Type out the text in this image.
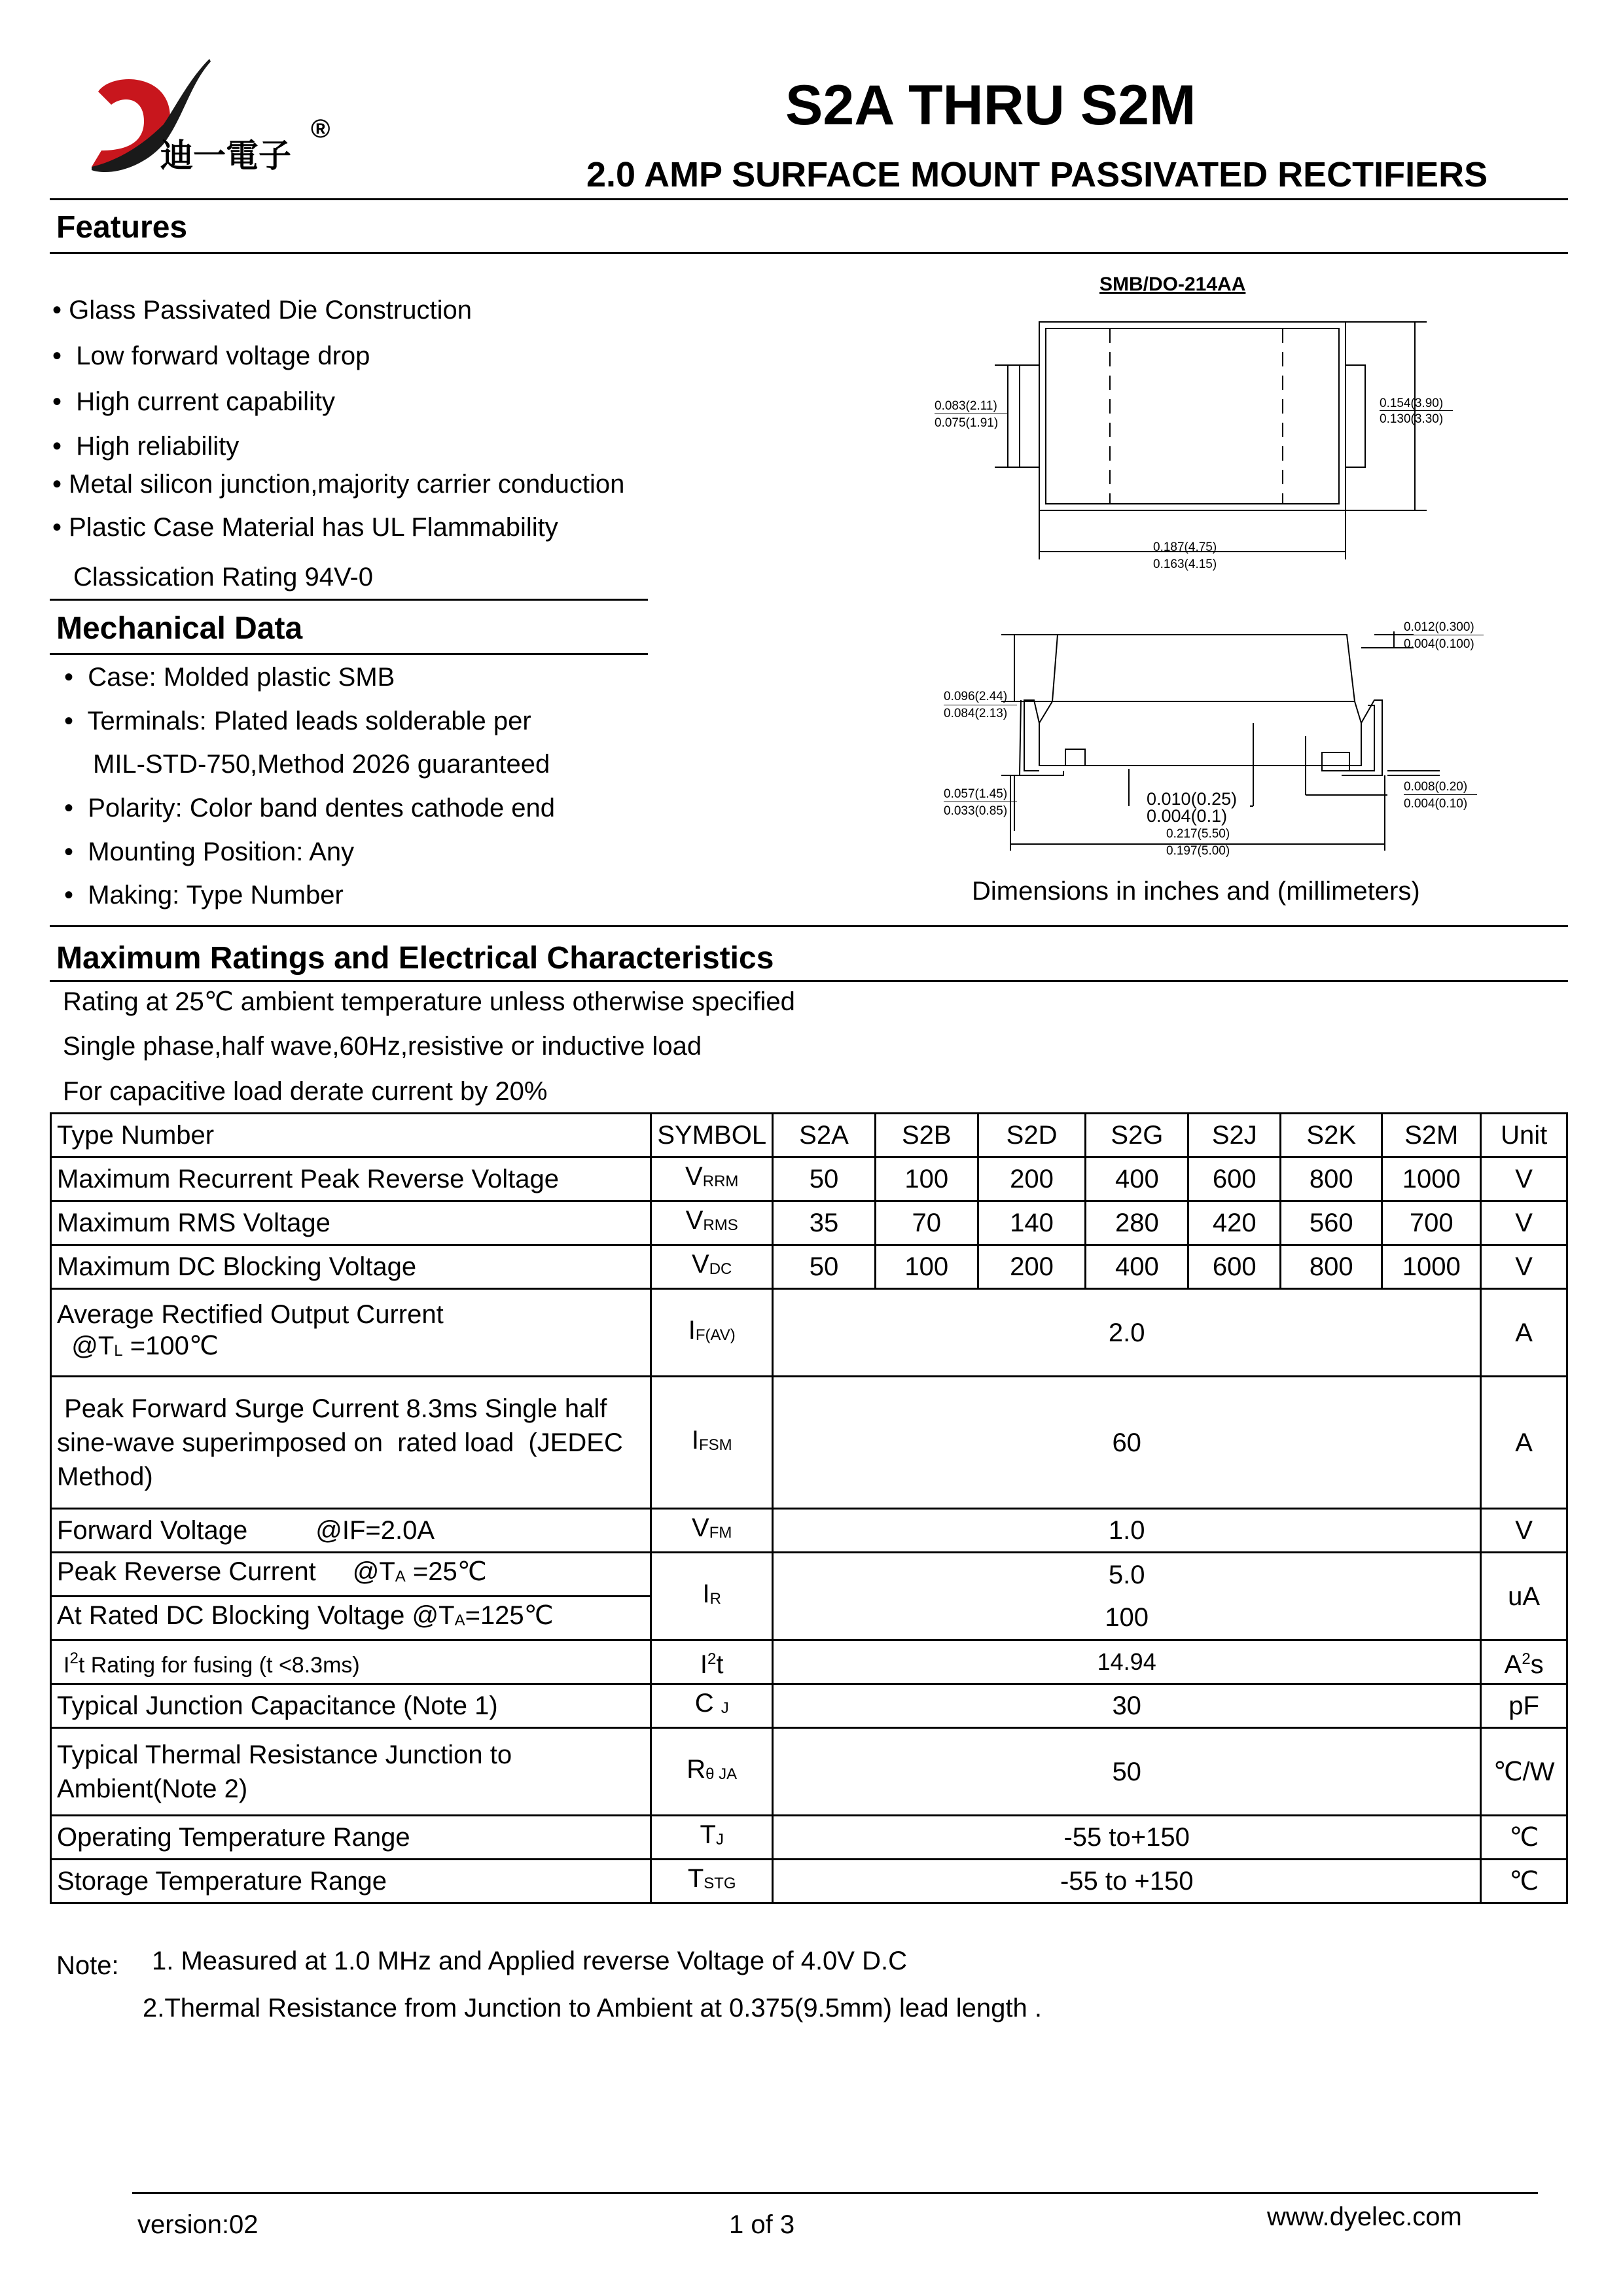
迪一電子
®	S2A THRU S2M
2.0 AMP SURFACE MOUNT PASSIVATED RECTIFIERS
Features
• Glass Passivated Die Construction
•  Low forward voltage drop
•  High current capability
•  High reliability
• Metal silicon junction,majority carrier conduction
• Plastic Case Material has UL Flammability
Classication Rating 94V-0
Mechanical Data
•  Case: Molded plastic SMB
•  Terminals: Plated leads solderable per
MIL-STD-750,Method 2026 guaranteed
•  Polarity: Color band dentes cathode end
•  Mounting Position: Any
•  Making: Type Number
SMB/DO-214AA
0.083(2.11)
0.075(1.91)
0.154(3.90)
0.130(3.30)
0.187(4.75)
0.163(4.15)
0.012(0.300)
0.004(0.100)
0.096(2.44)
0.084(2.13)
0.057(1.45)
0.033(0.85)
0.010(0.25)
0.004(0.1)
0.008(0.20)
0.004(0.10)
0.217(5.50)
0.197(5.00)
Dimensions in inches and (millimeters)
Maximum Ratings and Electrical Characteristics
Rating at 25℃ ambient temperature unless otherwise specified
Single phase,half wave,60Hz,resistive or inductive load
For capacitive load derate current by 20%
Type Number	SYMBOL	S2A	S2B	S2D	S2G	S2J	S2K	S2M	Unit
Maximum Recurrent Peak Reverse Voltage	$V_{RRM}$	50	100	200	400	600	800	1000	V
Maximum RMS Voltage	$V_{RMS}$	35	70	140	280	420	560	700	V
Maximum DC Blocking Voltage	$V_{DC}$	50	100	200	400	600	800	1000	V

Average Rectified Output Current
$@T_L$ =100℃	$I_{F(AV)}$	2.0							A

Peak Forward Surge Current 8.3ms Single half
sine-wave superimposed on  rated load  (JEDEC
Method)	$I_{FSM}$	60							A
Forward Voltage @IF=2.0A	$V_{FM}$	1.0							V
Peak Reverse Current $@T_A$ =25℃	$I_R$	5.0							uA
At Rated DC Blocking Voltage $@T_A=125℃$		100							
$I^2t$ Rating for fusing (t <8.3ms)	$I^2t$	14.94							$A^2s$
Typical Junction Capacitance (Note 1)	C $_J$	30							pF

Typical Thermal Resistance Junction to
Ambient(Note 2)	$R_{\theta JA}$	50							℃/W
Operating Temperature Range	$T_J$	-55 to+150							℃
Storage Temperature Range	$T_{STG}$	-55 to +150							℃
Note: 1. Measured at 1.0 MHz and Applied reverse Voltage of 4.0V D.C
2.Thermal Resistance from Junction to Ambient at 0.375(9.5mm) lead length .
version:02	1 of 3	www.dyelec.com
